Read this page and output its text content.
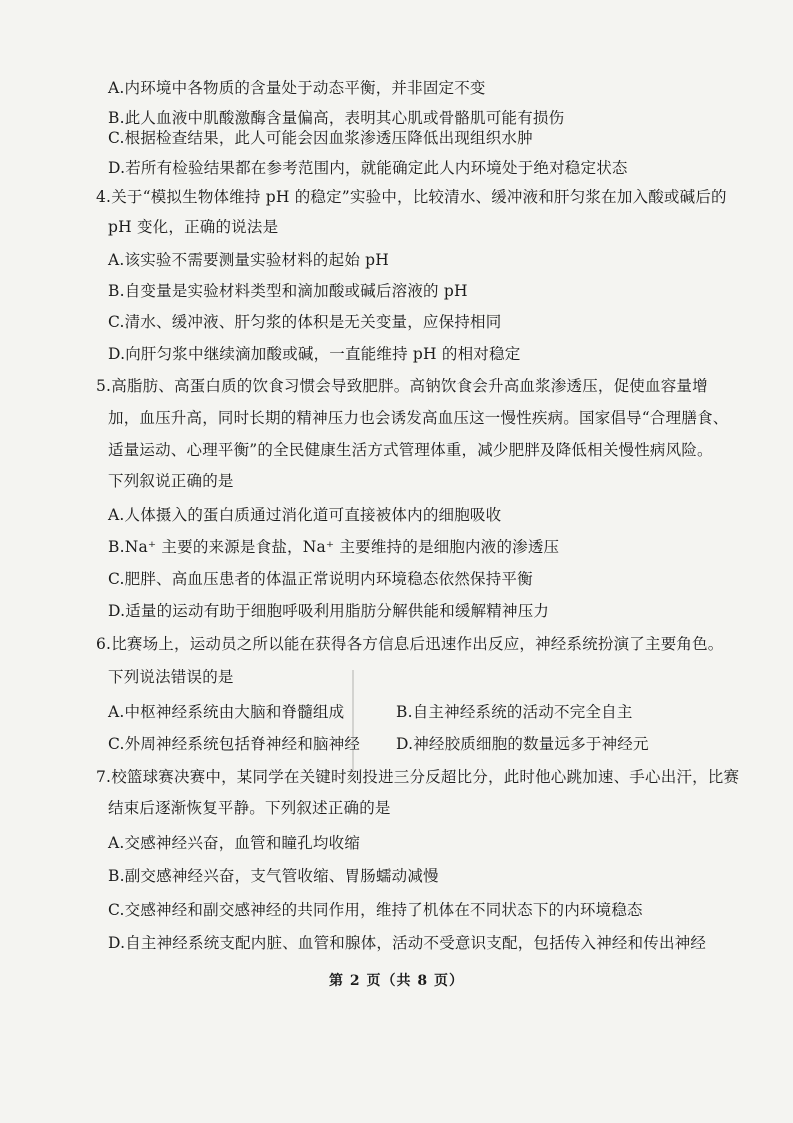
A.内环境中各物质的含量处于动态平衡，并非固定不变
B.此人血液中肌酸激酶含量偏高，表明其心肌或骨骼肌可能有损伤
C.根据检查结果，此人可能会因血浆渗透压降低出现组织水肿
D.若所有检验结果都在参考范围内，就能确定此人内环境处于绝对稳定状态
4.关于“模拟生物体维持 pH 的稳定”实验中，比较清水、缓冲液和肝匀浆在加入酸或碱后的
pH 变化，正确的说法是
A.该实验不需要测量实验材料的起始 pH
B.自变量是实验材料类型和滴加酸或碱后溶液的 pH
C.清水、缓冲液、肝匀浆的体积是无关变量，应保持相同
D.向肝匀浆中继续滴加酸或碱，一直能维持 pH 的相对稳定
5.高脂肪、高蛋白质的饮食习惯会导致肥胖。高钠饮食会升高血浆渗透压，促使血容量增
加，血压升高，同时长期的精神压力也会诱发高血压这一慢性疾病。国家倡导“合理膳食、
适量运动、心理平衡”的全民健康生活方式管理体重，减少肥胖及降低相关慢性病风险。
下列叙说正确的是
A.人体摄入的蛋白质通过消化道可直接被体内的细胞吸收
B.Na⁺ 主要的来源是食盐，Na⁺ 主要维持的是细胞内液的渗透压
C.肥胖、高血压患者的体温正常说明内环境稳态依然保持平衡
D.适量的运动有助于细胞呼吸利用脂肪分解供能和缓解精神压力
6.比赛场上，运动员之所以能在获得各方信息后迅速作出反应，神经系统扮演了主要角色。
下列说法错误的是
A.中枢神经系统由大脑和脊髓组成	B.自主神经系统的活动不完全自主
C.外周神经系统包括脊神经和脑神经 D.神经胶质细胞的数量远多于神经元
7.校篮球赛决赛中，某同学在关键时刻投进三分反超比分，此时他心跳加速、手心出汗，比赛
结束后逐渐恢复平静。下列叙述正确的是
A.交感神经兴奋，血管和瞳孔均收缩
B.副交感神经兴奋，支气管收缩、胃肠蠕动减慢
C.交感神经和副交感神经的共同作用，维持了机体在不同状态下的内环境稳态
D.自主神经系统支配内脏、血管和腺体，活动不受意识支配，包括传入神经和传出神经
第 2 页（共 8 页）
